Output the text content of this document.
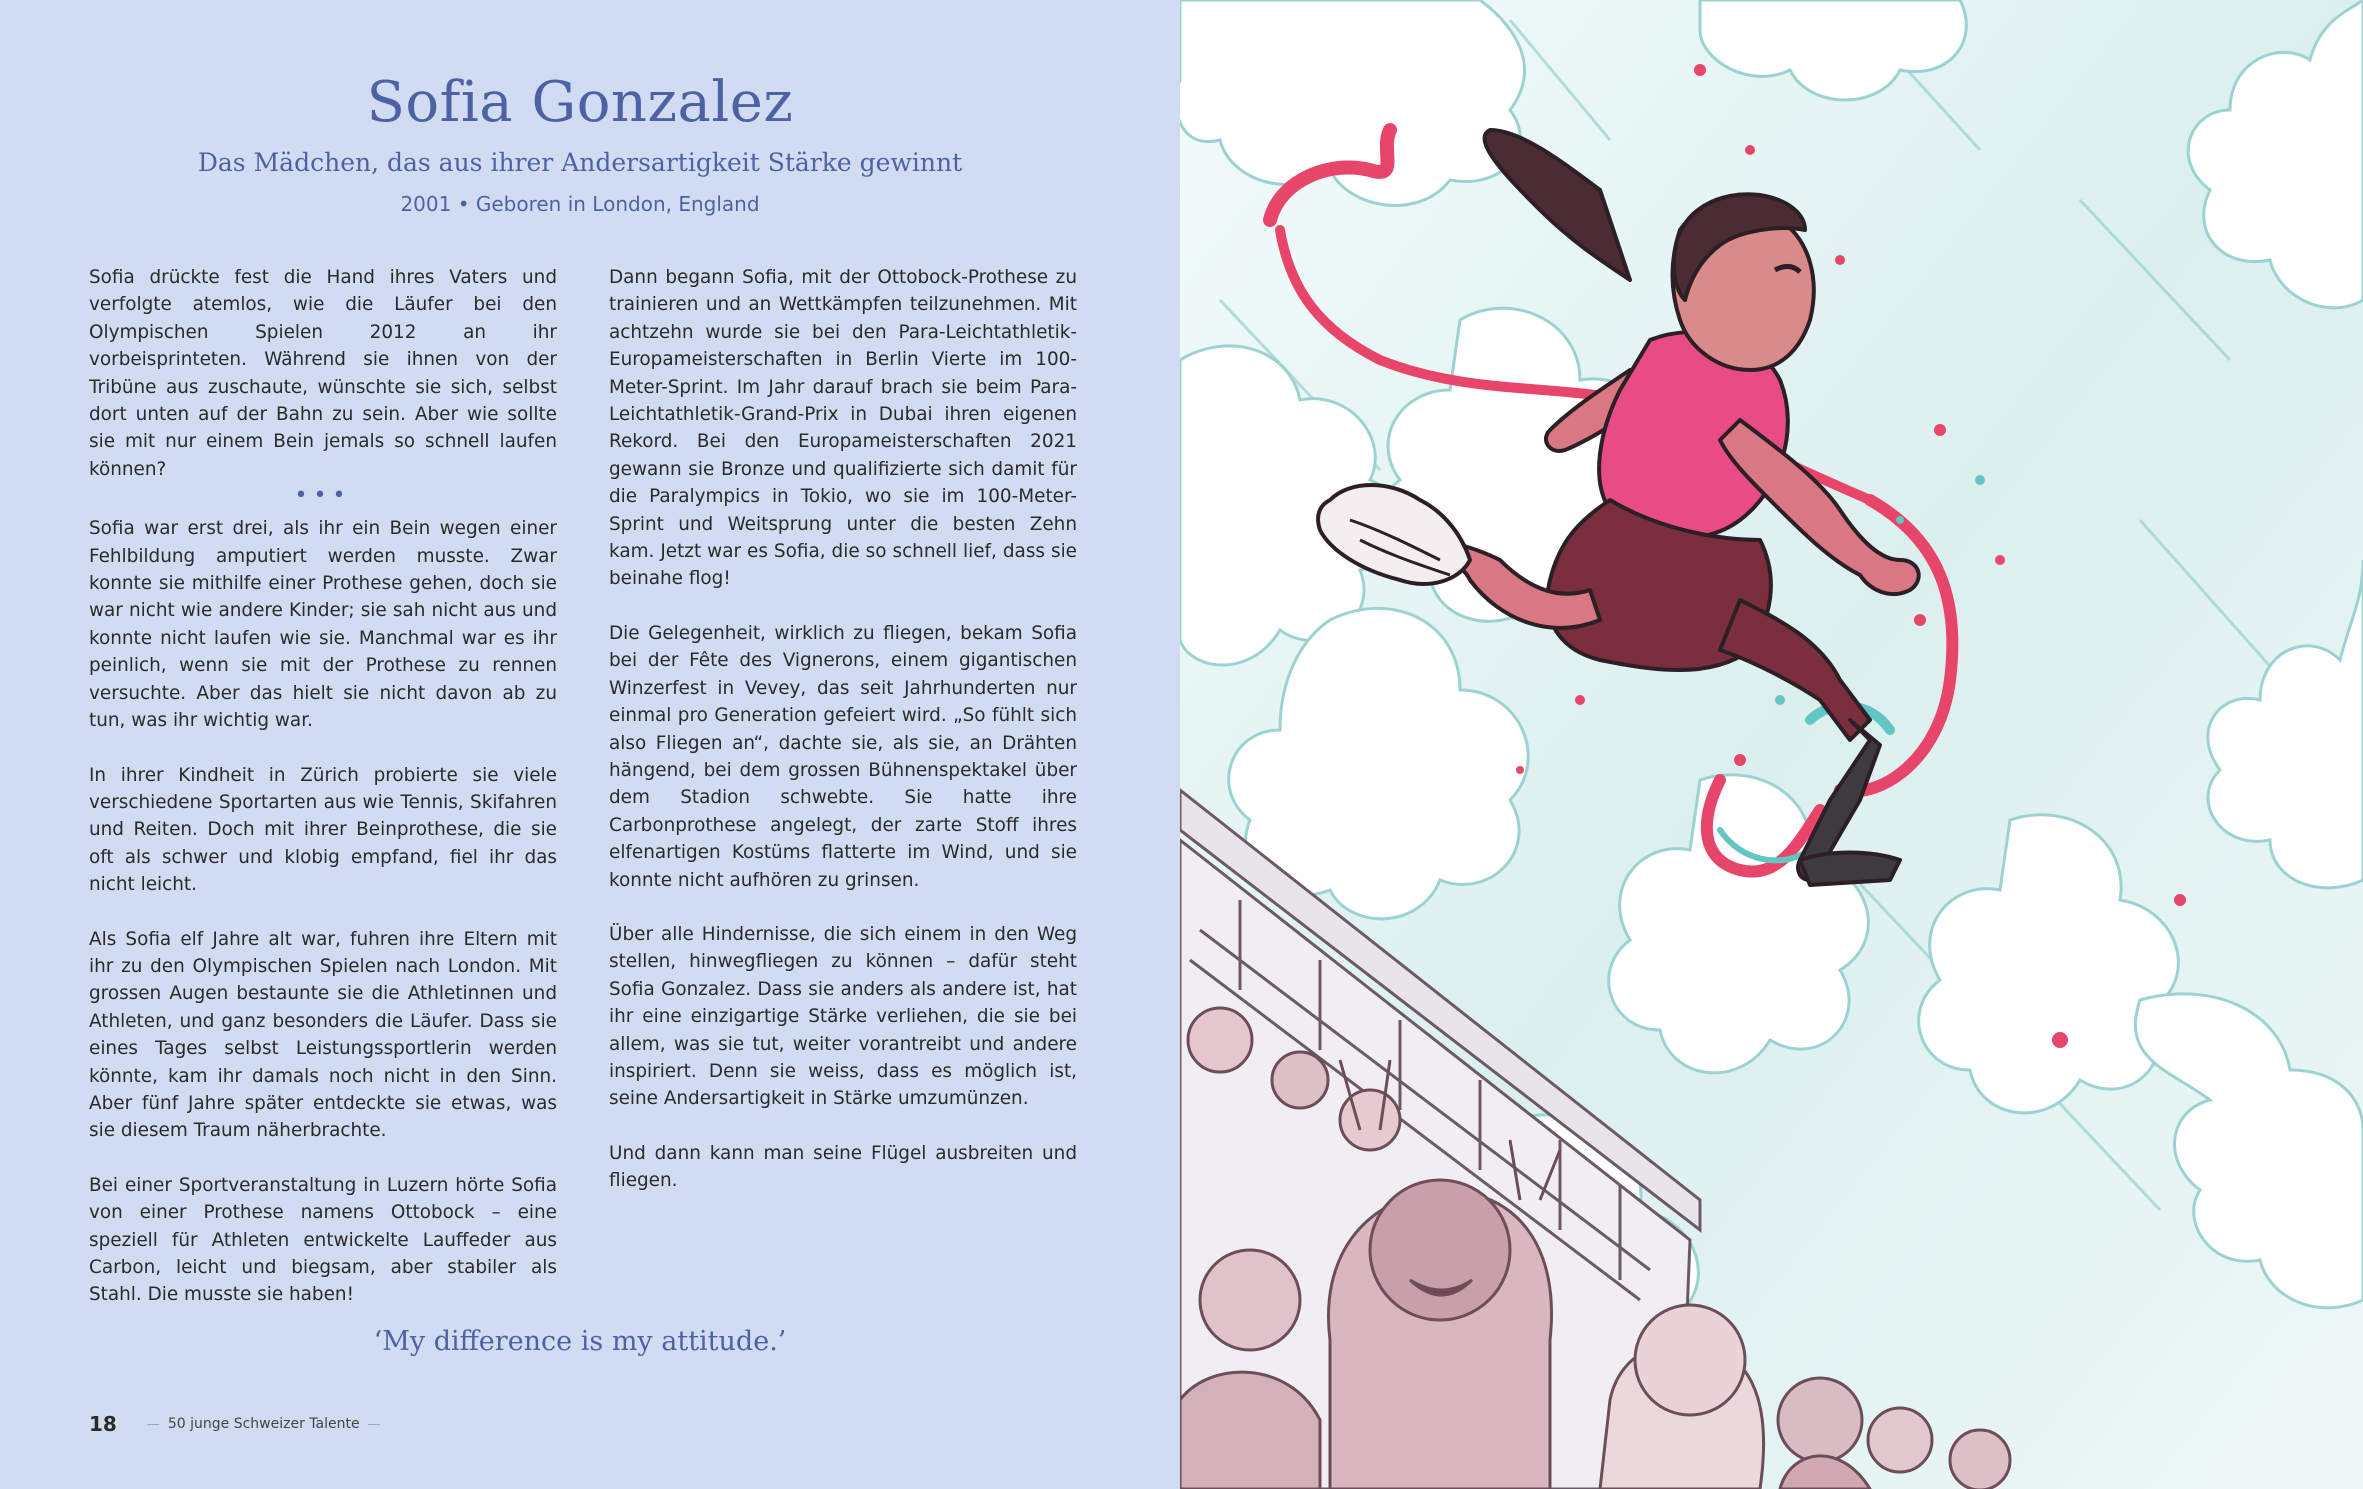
Sofia Gonzalez
Das Mädchen, das aus ihrer Andersartigkeit Stärke gewinnt
2001 • Geboren in London, England

Sofia drückte fest die Hand ihres Vaters und verfolgte atemlos, wie die Läufer bei den Olympischen Spielen 2012 an ihr vorbeisprinteten. Während sie ihnen von der Tribüne aus zuschaute, wünschte sie sich, selbst dort unten auf der Bahn zu sein. Aber wie sollte sie mit nur einem Bein jemals so schnell laufen können?

•••

Sofia war erst drei, als ihr ein Bein wegen einer Fehlbildung amputiert werden musste. Zwar konnte sie mithilfe einer Prothese gehen, doch sie war nicht wie andere Kinder; sie sah nicht aus und konnte nicht laufen wie sie. Manchmal war es ihr peinlich, wenn sie mit der Prothese zu rennen versuchte. Aber das hielt sie nicht davon ab zu tun, was ihr wichtig war.

In ihrer Kindheit in Zürich probierte sie viele verschiedene Sportarten aus wie Tennis, Skifahren und Reiten. Doch mit ihrer Beinprothese, die sie oft als schwer und klobig empfand, fiel ihr das nicht leicht.

Als Sofia elf Jahre alt war, fuhren ihre Eltern mit ihr zu den Olympischen Spielen nach London. Mit grossen Augen bestaunte sie die Athletinnen und Athleten, und ganz besonders die Läufer. Dass sie eines Tages selbst Leistungssportlerin werden könnte, kam ihr damals noch nicht in den Sinn. Aber fünf Jahre später entdeckte sie etwas, was sie diesem Traum näherbrachte.

Bei einer Sportveranstaltung in Luzern hörte Sofia von einer Prothese namens Ottobock – eine speziell für Athleten entwickelte Lauffeder aus Carbon, leicht und biegsam, aber stabiler als Stahl. Die musste sie haben!

Dann begann Sofia, mit der Ottobock-Prothese zu trainieren und an Wettkämpfen teilzunehmen. Mit achtzehn wurde sie bei den Para-Leichtathletik-Europameisterschaften in Berlin Vierte im 100-Meter-Sprint. Im Jahr darauf brach sie beim Para-Leichtathletik-Grand-Prix in Dubai ihren eigenen Rekord. Bei den Europameisterschaften 2021 gewann sie Bronze und qualifizierte sich damit für die Paralympics in Tokio, wo sie im 100-Meter-Sprint und Weitsprung unter die besten Zehn kam. Jetzt war es Sofia, die so schnell lief, dass sie beinahe flog!

Die Gelegenheit, wirklich zu fliegen, bekam Sofia bei der Fête des Vignerons, einem gigantischen Winzerfest in Vevey, das seit Jahrhunderten nur einmal pro Generation gefeiert wird. „So fühlt sich also Fliegen an“, dachte sie, als sie, an Drähten hängend, bei dem grossen Bühnenspektakel über dem Stadion schwebte. Sie hatte ihre Carbonprothese angelegt, der zarte Stoff ihres elfenartigen Kostüms flatterte im Wind, und sie konnte nicht aufhören zu grinsen.

Über alle Hindernisse, die sich einem in den Weg stellen, hinwegfliegen zu können – dafür steht Sofia Gonzalez. Dass sie anders als andere ist, hat ihr eine einzigartige Stärke verliehen, die sie bei allem, was sie tut, weiter vorantreibt und andere inspiriert. Denn sie weiss, dass es möglich ist, seine Andersartigkeit in Stärke umzumünzen.

Und dann kann man seine Flügel ausbreiten und fliegen.

‘My difference is my attitude.’
18 — 50 junge Schweizer Talente —
